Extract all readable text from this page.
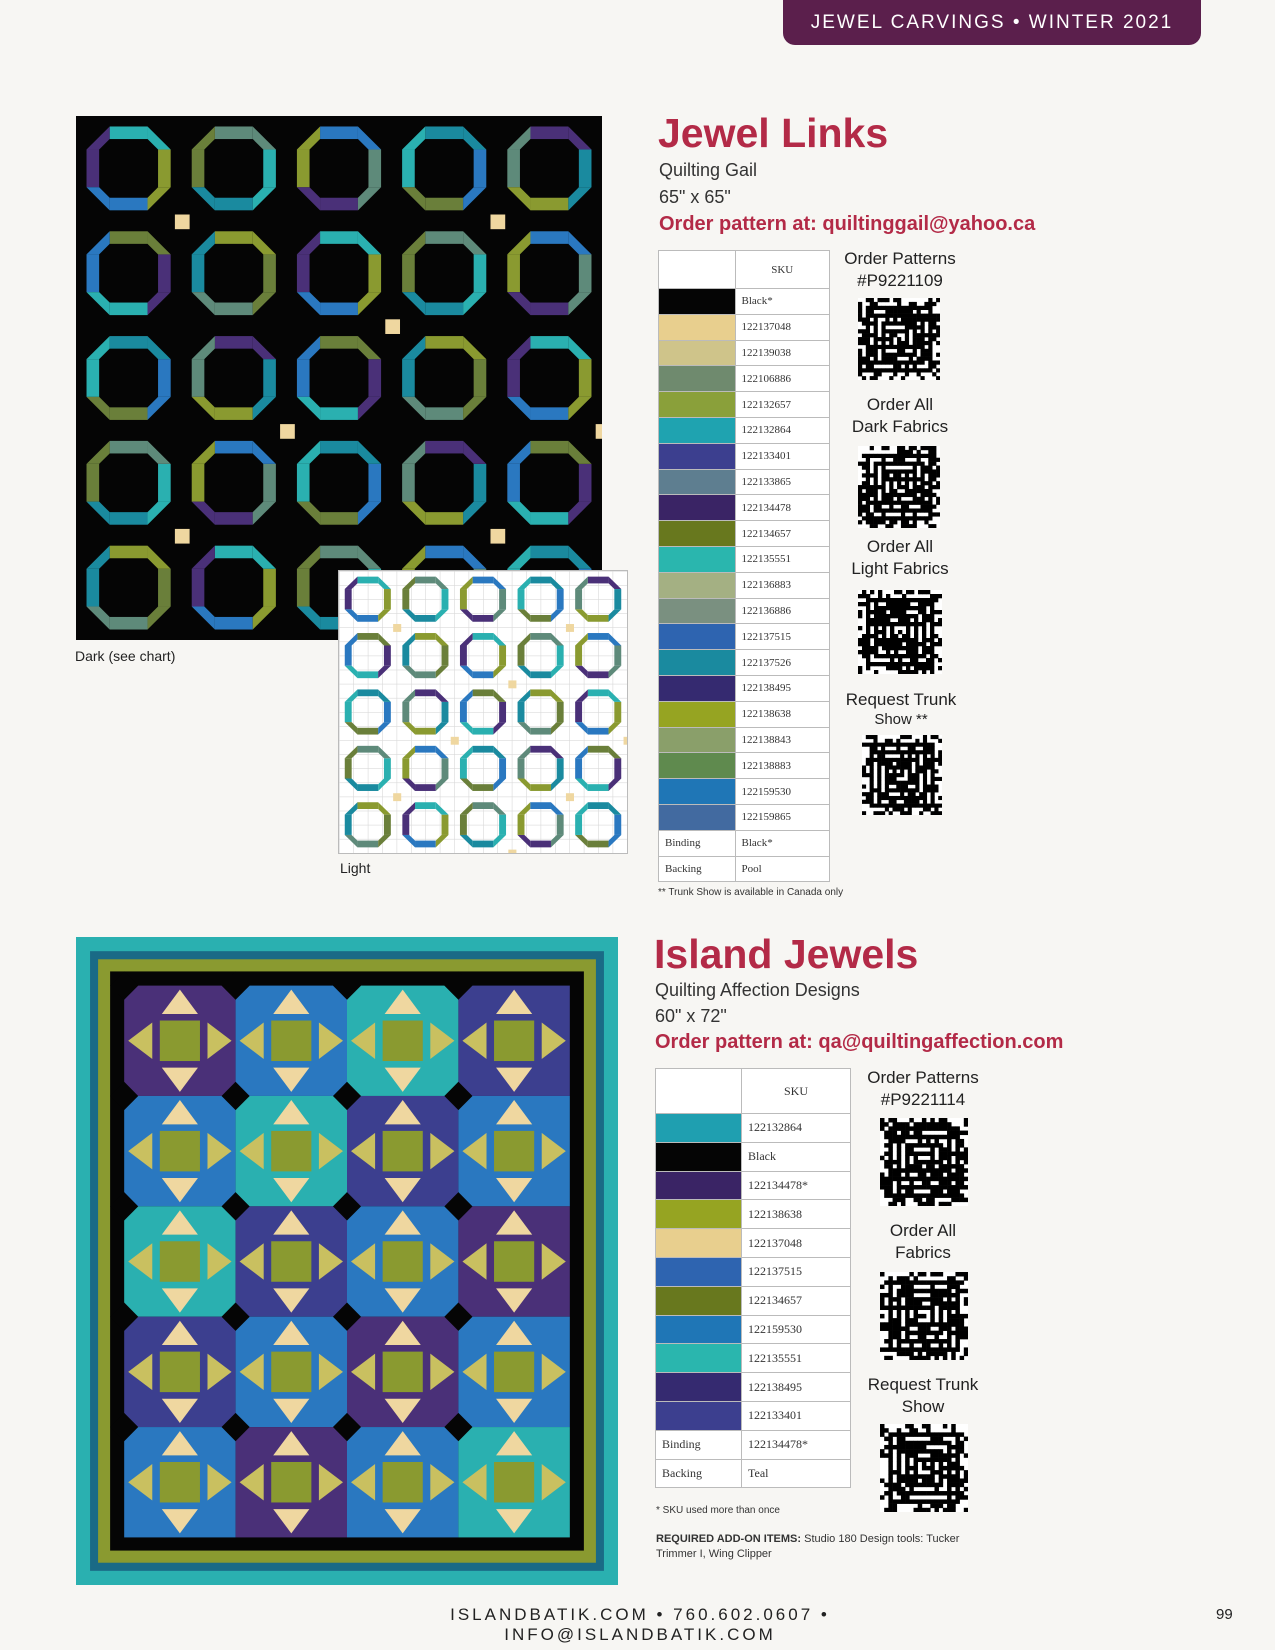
JEWEL CARVINGS • WINTER 2021
Dark (see chart)
Light
Jewel Links
Quilting Gail
65" x 65"
Order pattern at: quiltinggail@yahoo.ca
	SKU
	Black*
	122137048
	122139038
	122106886
	122132657
	122132864
	122133401
	122133865
	122134478
	122134657
	122135551
	122136883
	122136886
	122137515
	122137526
	122138495
	122138638
	122138843
	122138883
	122159530
	122159865
Binding	Black*
Backing	Pool
** Trunk Show is available in Canada only
Order Patterns
#P9221109
Order All
Dark Fabrics
Order All
Light Fabrics
Request Trunk
Show **
Island Jewels
Quilting Affection Designs
60" x 72"
Order pattern at: qa@quiltingaffection.com
	SKU
	122132864
	Black
	122134478*
	122138638
	122137048
	122137515
	122134657
	122159530
	122135551
	122138495
	122133401
Binding	122134478*
Backing	Teal
* SKU used more than once
REQUIRED ADD-ON ITEMS: Studio 180 Design tools: Tucker Trimmer I, Wing Clipper
Order Patterns
#P9221114
Order All
Fabrics
Request Trunk
Show
ISLANDBATIK.COM • 760.602.0607 • INFO@ISLANDBATIK.COM
99
